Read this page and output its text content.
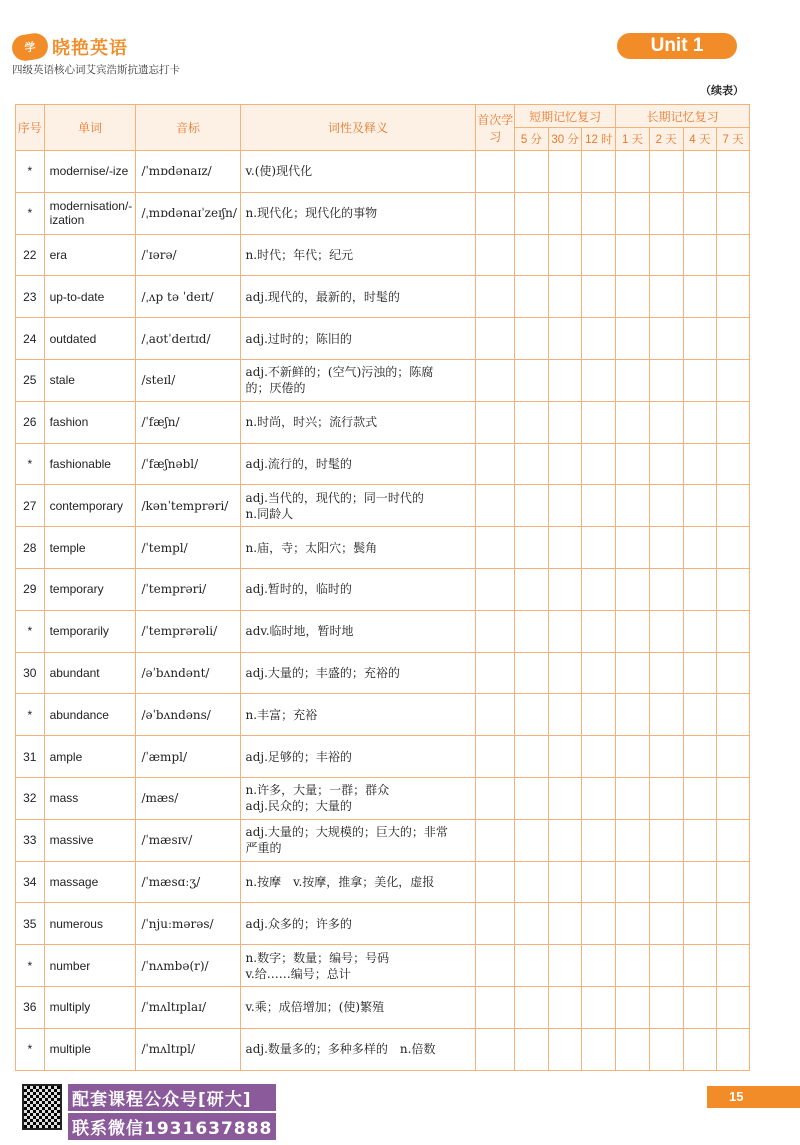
学 晓艳英语
四级英语核心词艾宾浩斯抗遗忘打卡
Unit 1
（续表）
序号	单词	音标	词性及释义	首次学习	短期记忆复习			长期记忆复习			
					5 分	30 分	12 时	1 天	2 天	4 天	7 天
*	modernise/-ize	/ˈmɒdənaɪz/	v.(使)现代化								

*	modernisation/-ization	/ˌmɒdənaɪˈzeɪʃn/	n.现代化；现代化的事物								

22	era	/ˈɪərə/	n.时代；年代；纪元								

23	up-to-date	/ˌʌp tə ˈdeɪt/	adj.现代的，最新的，时髦的								

24	outdated	/ˌaʊtˈdeɪtɪd/	adj.过时的；陈旧的								

25	stale	/steɪl/	adj.不新鲜的；(空气)污浊的；陈腐
的；厌倦的								

26	fashion	/ˈfæʃn/	n.时尚，时兴；流行款式								

*	fashionable	/ˈfæʃnəbl/	adj.流行的，时髦的								

27	contemporary	/kənˈtemprəri/	adj.当代的，现代的；同一时代的
n.同龄人								

28	temple	/ˈtempl/	n.庙，寺；太阳穴；鬓角								

29	temporary	/ˈtemprəri/	adj.暂时的，临时的								

*	temporarily	/ˈtemprərəli/	adv.临时地，暂时地								

30	abundant	/əˈbʌndənt/	adj.大量的；丰盛的；充裕的								

*	abundance	/əˈbʌndəns/	n.丰富；充裕								

31	ample	/ˈæmpl/	adj.足够的；丰裕的								

32	mass	/mæs/	n.许多，大量；一群；群众
adj.民众的；大量的								

33	massive	/ˈmæsɪv/	adj.大量的；大规模的；巨大的；非常
严重的								

34	massage	/ˈmæsɑːʒ/	n.按摩　v.按摩，推拿；美化，虚报								

35	numerous	/ˈnjuːmərəs/	adj.众多的；许多的								

*	number	/ˈnʌmbə(r)/	n.数字；数量；编号；号码
v.给……编号；总计								

36	multiply	/ˈmʌltɪplaɪ/	v.乘；成倍增加；(使)繁殖								

*	multiple	/ˈmʌltɪpl/	adj.数量多的；多种多样的　n.倍数								

配套课程公众号[研大]
联系微信1931637888
15
